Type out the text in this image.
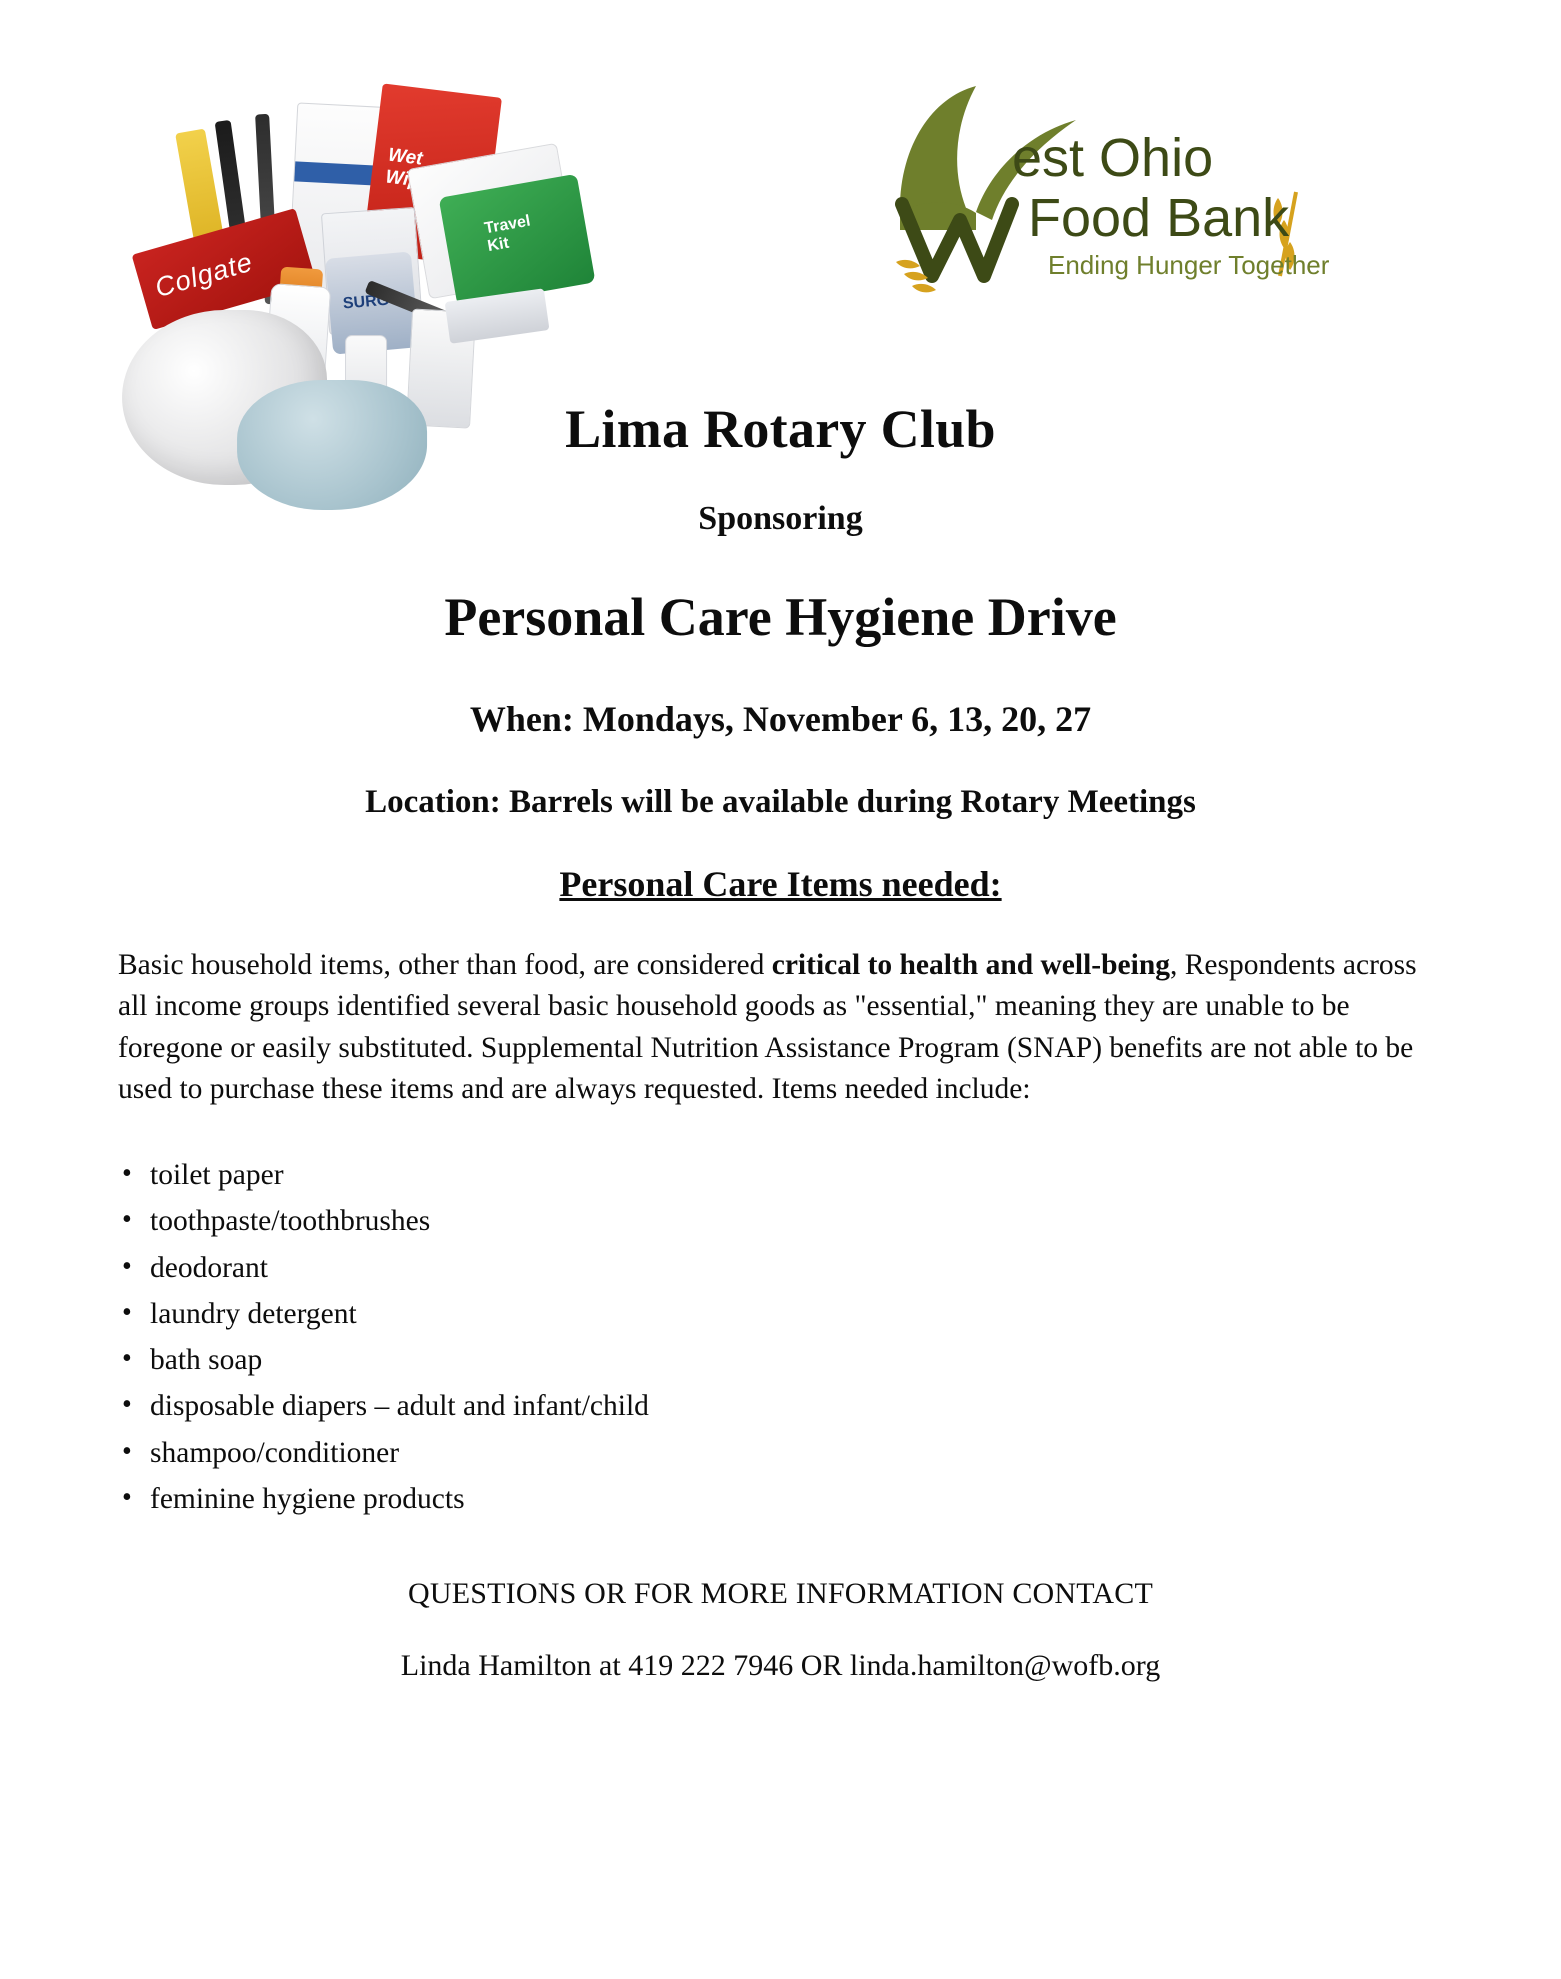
Wet Wipes
Travel Kit
BAND-AID
Colgate
SURG
est Ohio
Food Bank
Ending Hunger Together
Lima Rotary Club
Sponsoring
Personal Care Hygiene Drive
When: Mondays, November 6, 13, 20, 27
Location: Barrels will be available during Rotary Meetings
Personal Care Items needed:

Basic household items, other than food, are considered critical to health and well-being, Respondents across all income groups identified several basic household goods as "essential," meaning they are unable to be foregone or easily substituted. Supplemental Nutrition Assistance Program (SNAP) benefits are not able to be used to purchase these items and are always requested. Items needed include:

• toilet paper
• toothpaste/toothbrushes
• deodorant
• laundry detergent
• bath soap
• disposable diapers – adult and infant/child
• shampoo/conditioner
• feminine hygiene products
QUESTIONS OR FOR MORE INFORMATION CONTACT
Linda Hamilton at 419 222 7946 OR linda.hamilton@wofb.org
